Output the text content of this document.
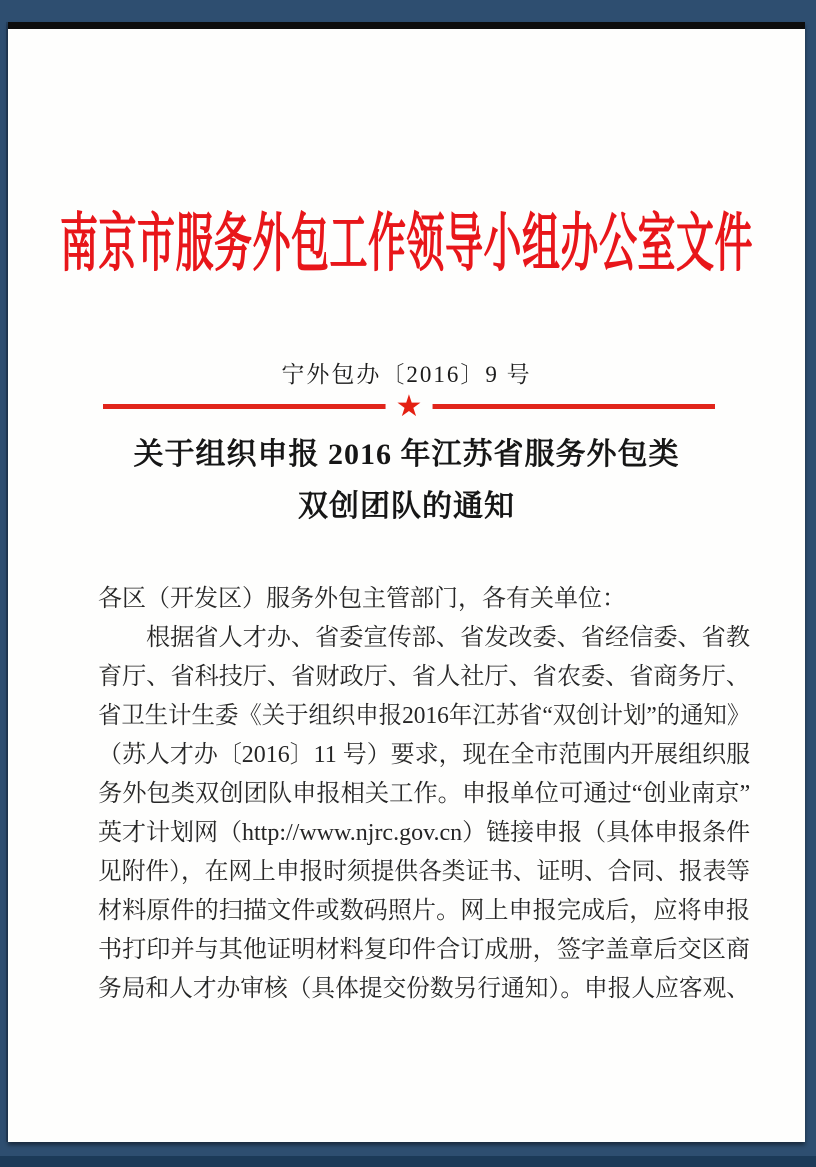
南京市服务外包工作领导小组办公室文件
宁外包办〔2016〕9 号
★
关于组织申报 2016 年江苏省服务外包类
双创团队的通知
各区（开发区）服务外包主管部门，各有关单位：
根据省人才办、省委宣传部、省发改委、省经信委、省教
育厅、省科技厅、省财政厅、省人社厅、省农委、省商务厅、
省卫生计生委《关于组织申报2016年江苏省“双创计划”的通知》
（苏人才办〔2016〕11 号）要求，现在全市范围内开展组织服
务外包类双创团队申报相关工作。申报单位可通过“创业南京”
英才计划网（http://www.njrc.gov.cn）链接申报（具体申报条件
见附件），在网上申报时须提供各类证书、证明、合同、报表等
材料原件的扫描文件或数码照片。网上申报完成后，应将申报
书打印并与其他证明材料复印件合订成册，签字盖章后交区商
务局和人才办审核（具体提交份数另行通知）。申报人应客观、
